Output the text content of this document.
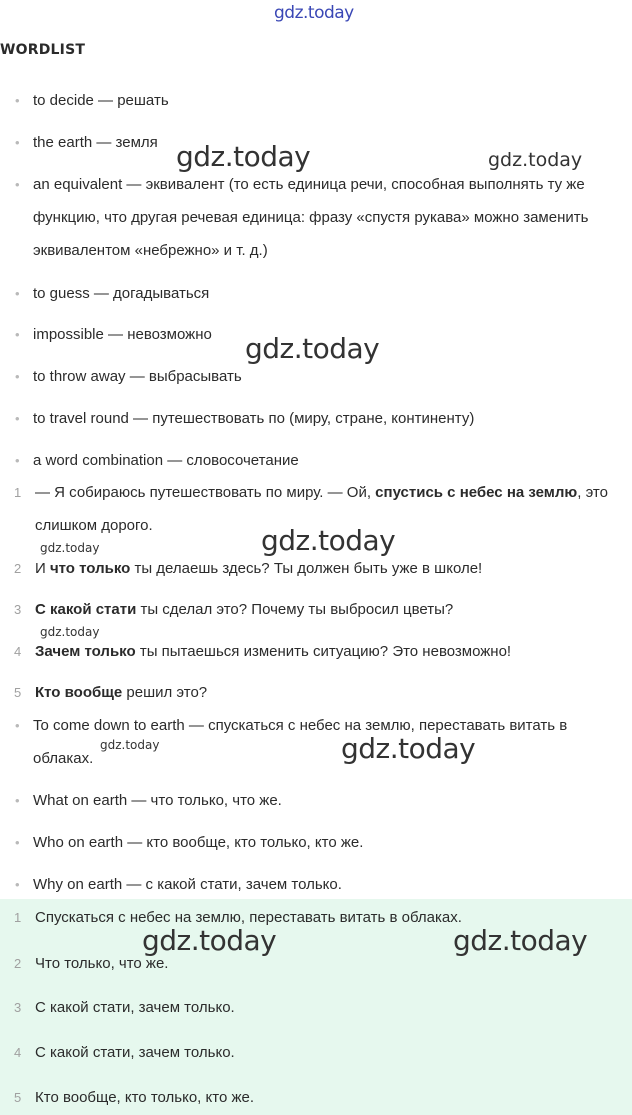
gdz.today
WORDLIST
• to decide — решать
• the earth — земля
• an equivalent — эквивалент (то есть единица речи, способная выполнять ту же функцию, что другая речевая единица: фразу «спустя рукава» можно заменить эквивалентом «небрежно» и т. д.)
• to guess — догадываться
• impossible — невозможно
• to throw away — выбрасывать
• to travel round — путешествовать по (миру, стране, континенту)
• a word combination — словосочетание
1 — Я собираюсь путешествовать по миру. — Ой, спустись с небес на землю, это слишком дорого.
2 И что только ты делаешь здесь? Ты должен быть уже в школе!
3 С какой стати ты сделал это? Почему ты выбросил цветы?
4 Зачем только ты пытаешься изменить ситуацию? Это невозможно!
5 Кто вообще решил это?
• To come down to earth — спускаться с небес на землю, переставать витать в облаках.
• What on earth — что только, что же.
• Who on earth — кто вообще, кто только, кто же.
• Why on earth — с какой стати, зачем только.
1 Спускаться с небес на землю, переставать витать в облаках.
2 Что только, что же.
3 С какой стати, зачем только.
4 С какой стати, зачем только.
5 Кто вообще, кто только, кто же.
gdz.today	gdz.today
gdz.today
gdz.today
gdz.today
gdz.today
gdz.today	gdz.today
gdz.today	gdz.today
